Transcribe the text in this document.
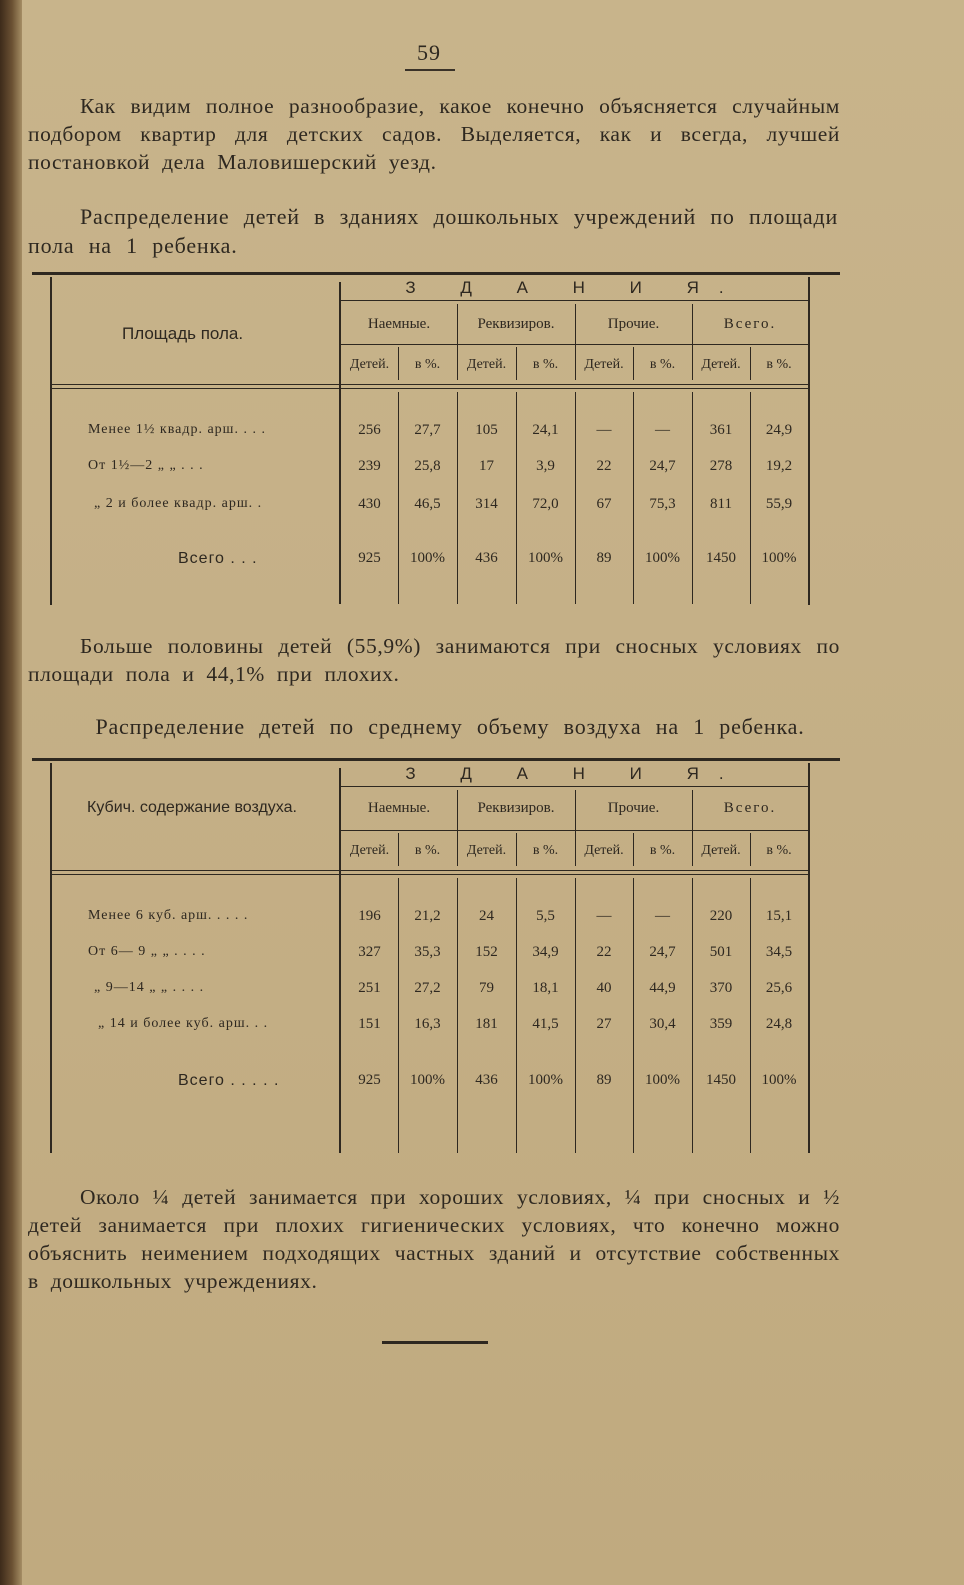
59
Как видим полное разнообразие, какое конечно объясняется случайным подбором квартир для детских садов. Выделяется, как и всегда, лучшей постановкой дела Маловишерский уезд.
Распределение детей в зданиях дошкольных учреждений по площади пола на 1 ребенка.
З Д А Н И Я.
Площадь пола.	Наемные.	Реквизиров.	Прочие.	Всего.
Детей.	в %.	Детей.	в %.	Детей.	в %.	Детей.	в %.
Менее 1½ квадр. арш. . . .	256	27,7	105	24,1	—	—	361	24,9
От 1½—2 „ „ . . .	239	25,8	17	3,9	22	24,7	278	19,2
„ 2 и более квадр. арш. .	430	46,5	314	72,0	67	75,3	811	55,9
Всего . . .	925	100%	436	100%	89	100%	1450	100%
Больше половины детей (55,9%) занимаются при сносных условиях по площади пола и 44,1% при плохих.
Распределение детей по среднему объему воздуха на 1 ребенка.
З Д А Н И Я.
Кубич. содержание воздуха.	Наемные.	Реквизиров.	Прочие.	Всего.
Детей.	в %.	Детей.	в %.	Детей.	в %.	Детей.	в %.
Менее 6 куб. арш. . . . .	196	21,2	24	5,5	—	—	220	15,1
От 6— 9 „ „ . . . .	327	35,3	152	34,9	22	24,7	501	34,5
„ 9—14 „ „ . . . .	251	27,2	79	18,1	40	44,9	370	25,6
„ 14 и более куб. арш. . .	151	16,3	181	41,5	27	30,4	359	24,8
Всего . . . . .	925	100%	436	100%	89	100%	1450	100%
Около ¼ детей занимается при хороших условиях, ¼ при сносных и ½ детей занимается при плохих гигиенических условиях, что конечно можно объяснить неимением подходящих частных зданий и отсутствие собственных в дошкольных учреждениях.
